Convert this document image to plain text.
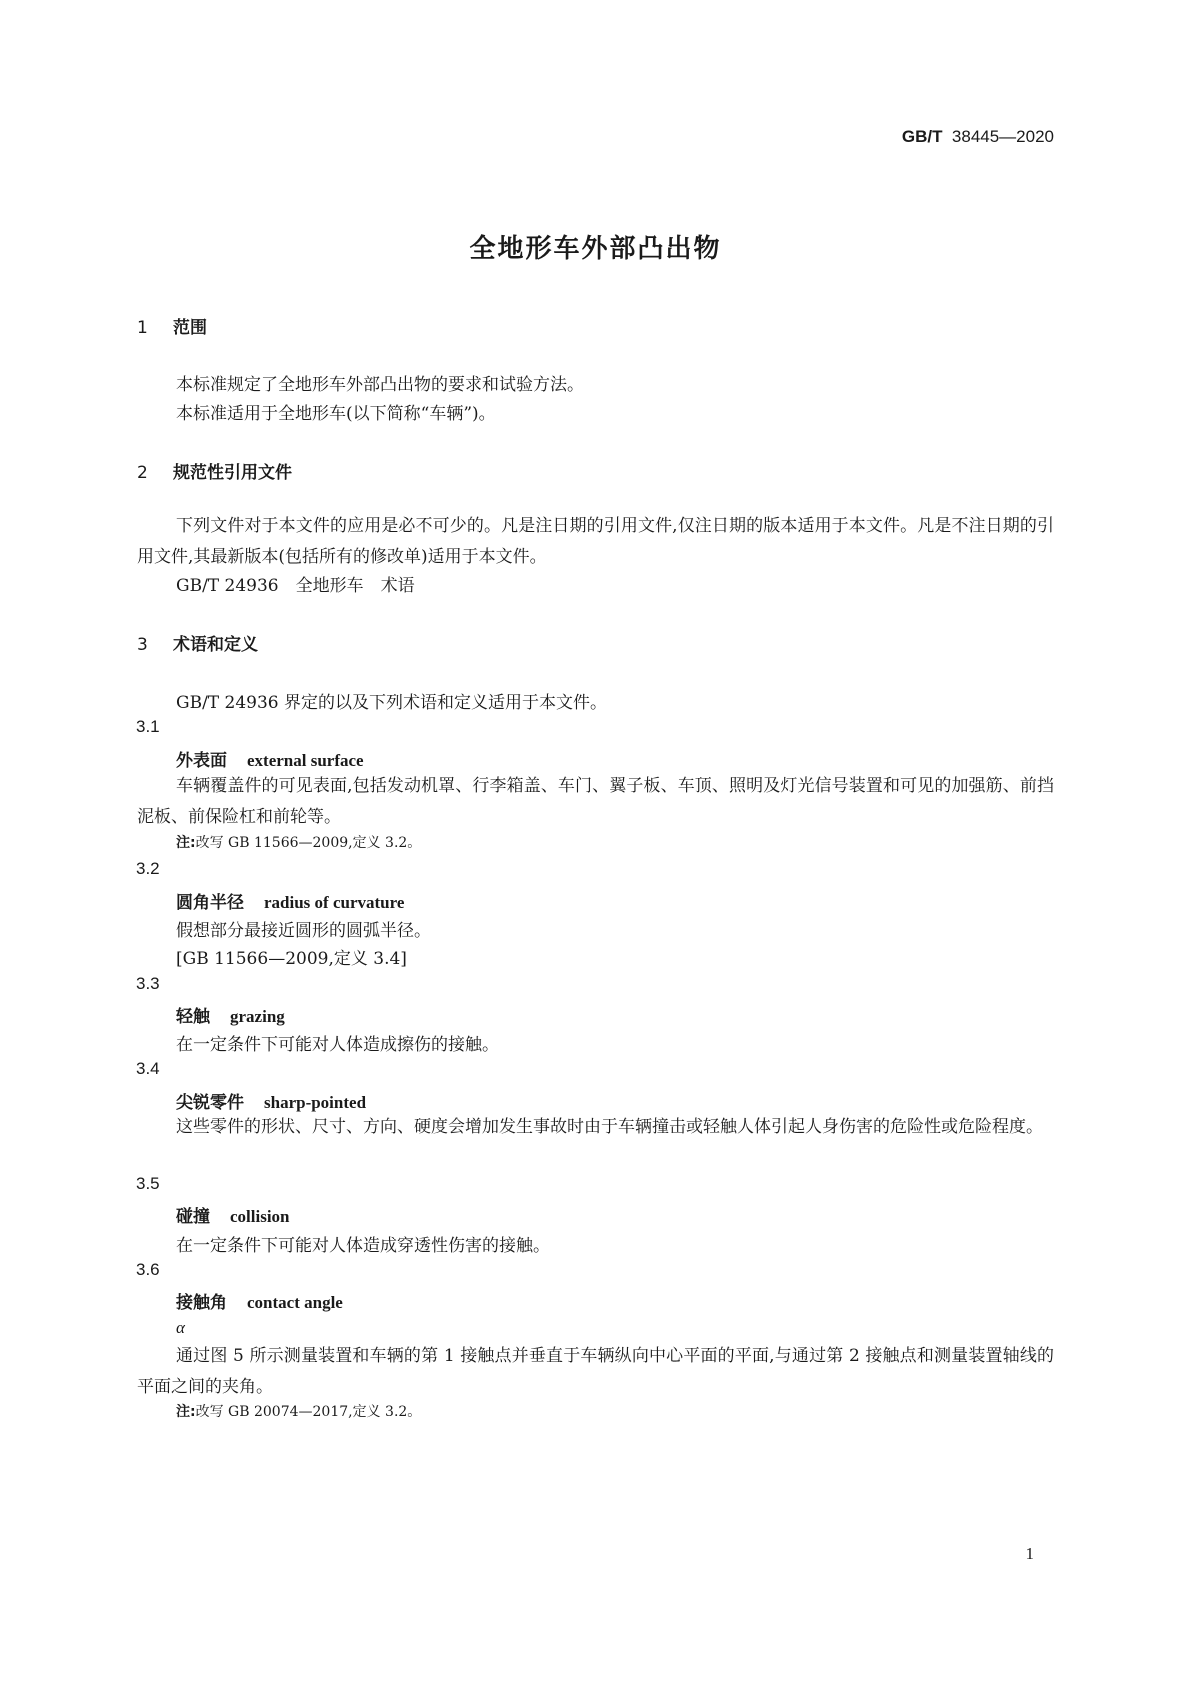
GB/T 38445—2020
全地形车外部凸出物
1 范围
本标准规定了全地形车外部凸出物的要求和试验方法。
本标准适用于全地形车(以下简称“车辆”)。
2 规范性引用文件
下列文件对于本文件的应用是必不可少的。凡是注日期的引用文件,仅注日期的版本适用于本文件。凡是不注日期的引用文件,其最新版本(包括所有的修改单)适用于本文件。
GB/T 24936　全地形车　术语
3 术语和定义
GB/T 24936 界定的以及下列术语和定义适用于本文件。
3.1
外表面 external surface
车辆覆盖件的可见表面,包括发动机罩、行李箱盖、车门、翼子板、车顶、照明及灯光信号装置和可见的加强筋、前挡泥板、前保险杠和前轮等。
注:改写 GB 11566—2009,定义 3.2。
3.2
圆角半径 radius of curvature
假想部分最接近圆形的圆弧半径。
[GB 11566—2009,定义 3.4]
3.3
轻触 grazing
在一定条件下可能对人体造成擦伤的接触。
3.4
尖锐零件 sharp-pointed
这些零件的形状、尺寸、方向、硬度会增加发生事故时由于车辆撞击或轻触人体引起人身伤害的危险性或危险程度。
3.5
碰撞 collision
在一定条件下可能对人体造成穿透性伤害的接触。
3.6
接触角 contact angle
α
通过图 5 所示测量装置和车辆的第 1 接触点并垂直于车辆纵向中心平面的平面,与通过第 2 接触点和测量装置轴线的平面之间的夹角。
注:改写 GB 20074—2017,定义 3.2。
1
